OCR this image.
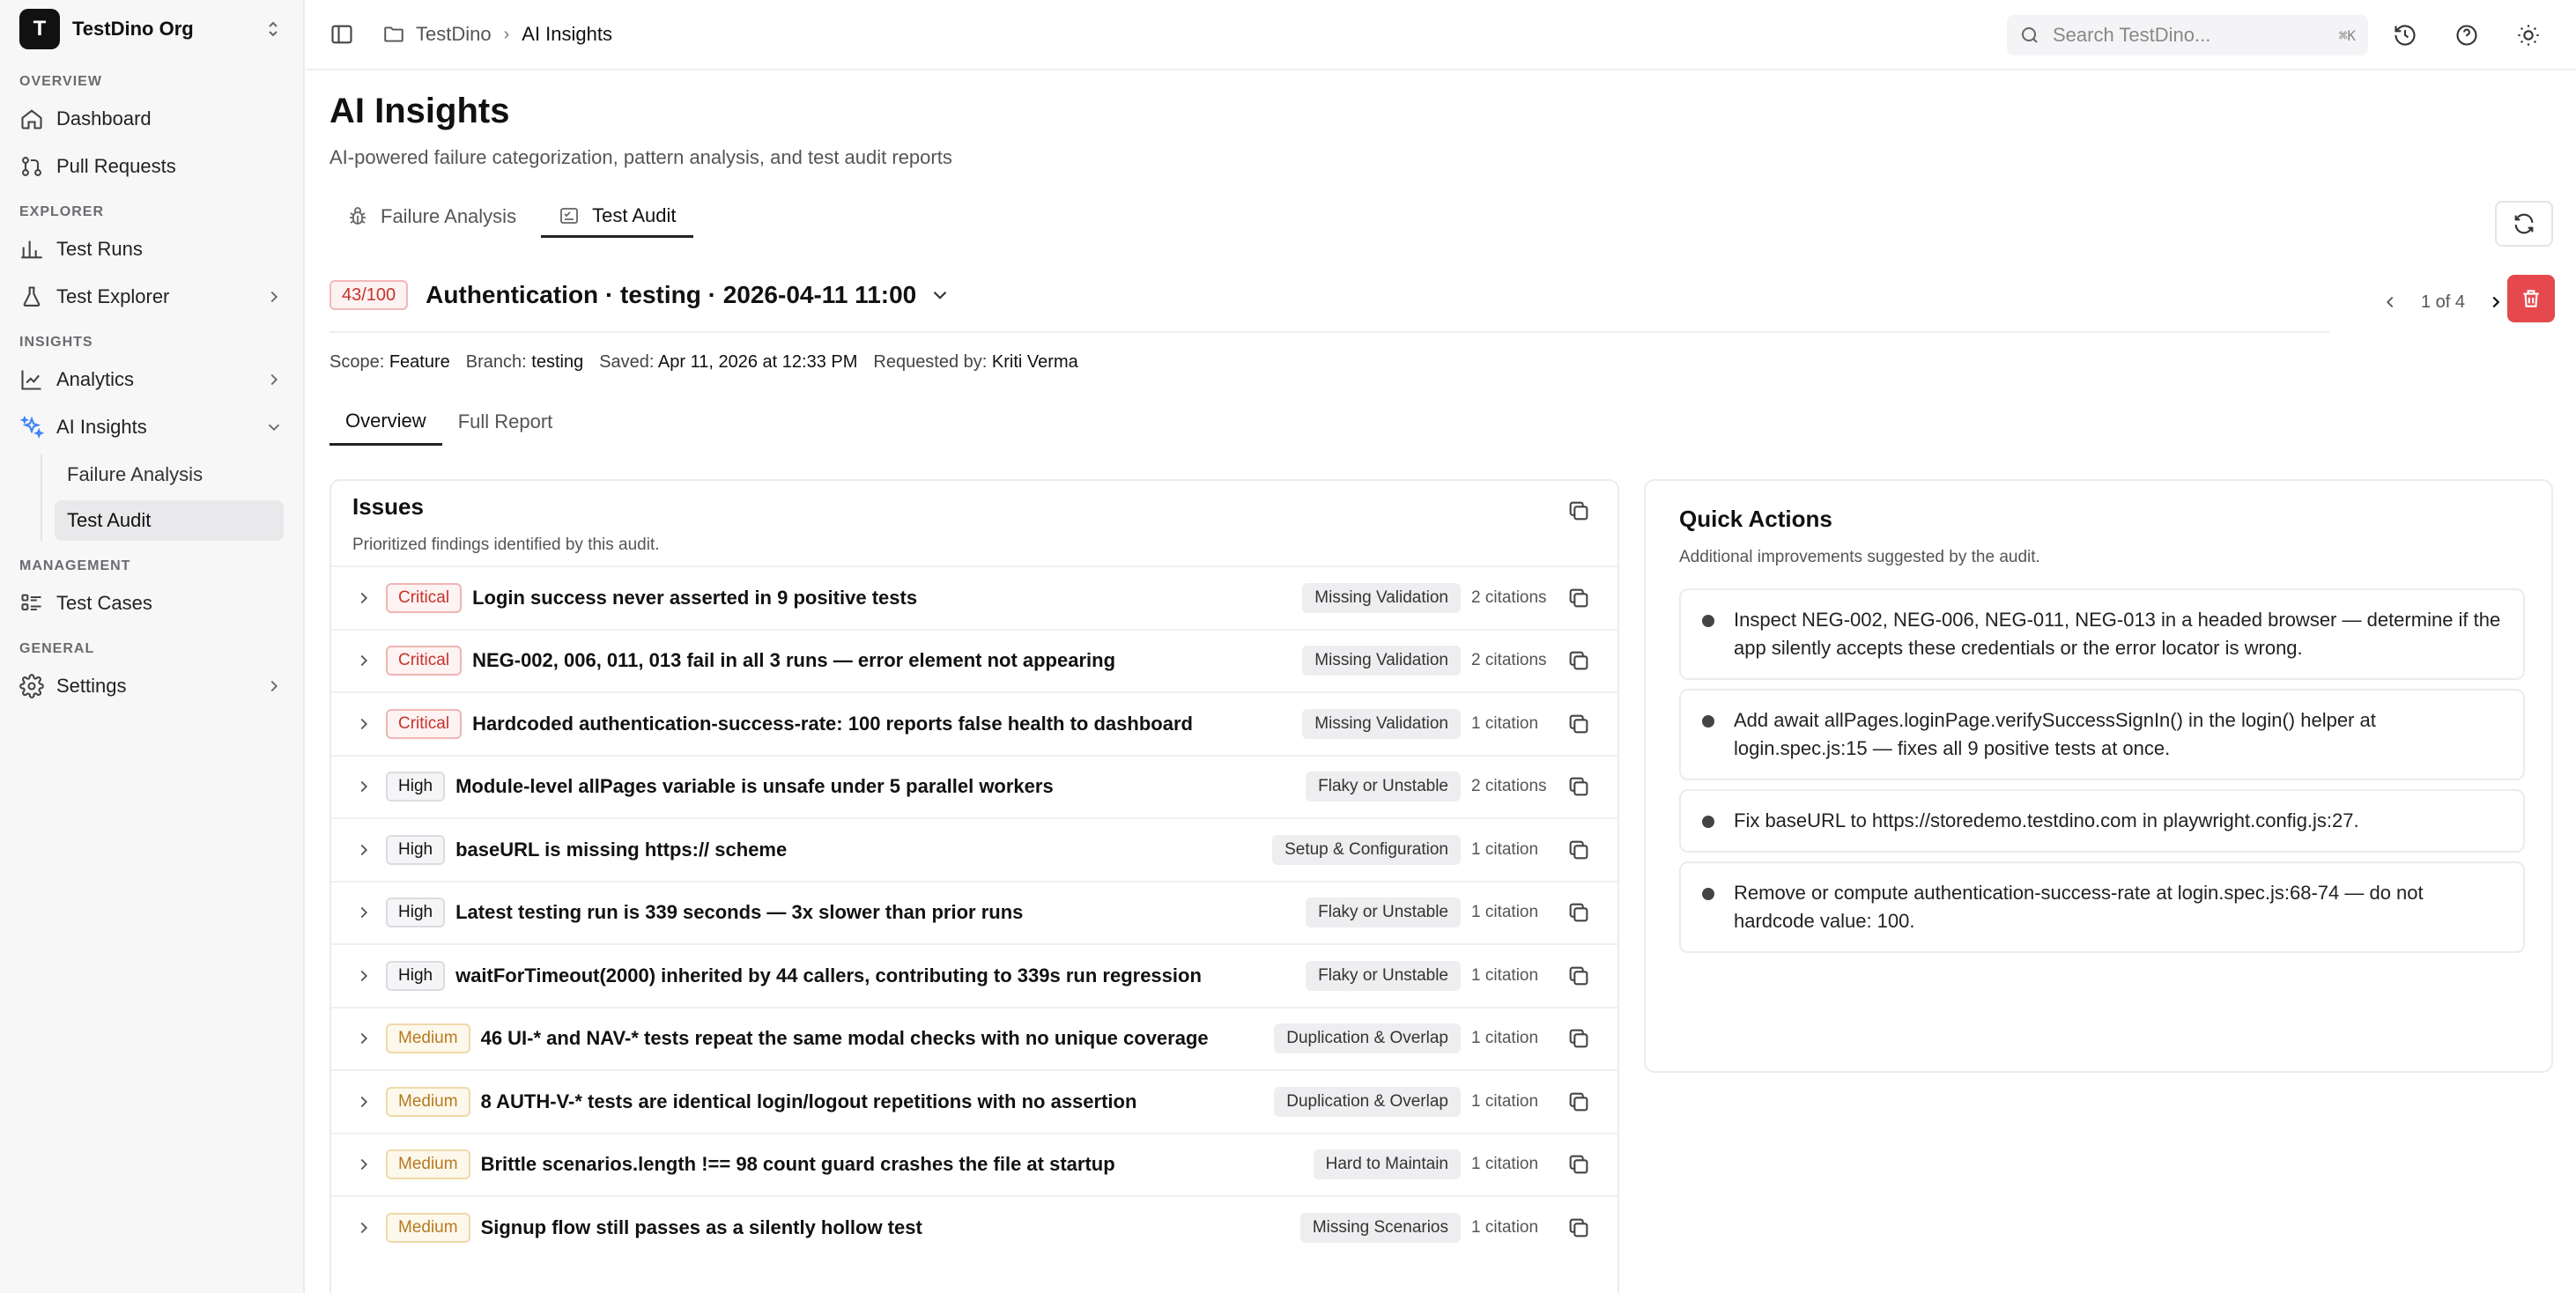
T	TestDino Org
OVERVIEW
Dashboard
Pull Requests
EXPLORER
Test Runs
Test Explorer
INSIGHTS
Analytics
AI Insights
Failure Analysis
Test Audit
MANAGEMENT
Test Cases
GENERAL
Settings
TestDino › AI Insights
Search TestDino...	⌘K
AI Insights

AI-powered failure categorization, pattern analysis, and test audit reports

Failure Analysis	Test Audit
43/100	Authentication · testing · 2026-04-11 11:00	1 of 4
Scope: Feature Branch: testing Saved: Apr 11, 2026 at 12:33 PM Requested by: Kriti Verma
Overview	Full Report
Issues

Prioritized findings identified by this audit.

Critical	Login success never asserted in 9 positive tests	Missing Validation	2 citations
Critical	NEG-002, 006, 011, 013 fail in all 3 runs — error element not appearing	Missing Validation	2 citations
Critical	Hardcoded authentication-success-rate: 100 reports false health to dashboard	Missing Validation	1 citation
High	Module-level allPages variable is unsafe under 5 parallel workers	Flaky or Unstable	2 citations
High	baseURL is missing https:// scheme	Setup & Configuration	1 citation
High	Latest testing run is 339 seconds — 3x slower than prior runs	Flaky or Unstable	1 citation
High	waitForTimeout(2000) inherited by 44 callers, contributing to 339s run regression	Flaky or Unstable	1 citation
Medium	46 UI-* and NAV-* tests repeat the same modal checks with no unique coverage	Duplication & Overlap	1 citation
Medium	8 AUTH-V-* tests are identical login/logout repetitions with no assertion	Duplication & Overlap	1 citation
Medium	Brittle scenarios.length !== 98 count guard crashes the file at startup	Hard to Maintain	1 citation
Medium	Signup flow still passes as a silently hollow test	Missing Scenarios	1 citation
Quick Actions

Additional improvements suggested by the audit.

Inspect NEG-002, NEG-006, NEG-011, NEG-013 in a headed browser — determine if the app silently accepts these credentials or the error locator is wrong.
Add await allPages.loginPage.verifySuccessSignIn() in the login() helper at login.spec.js:15 — fixes all 9 positive tests at once.
Fix baseURL to https://storedemo.testdino.com in playwright.config.js:27.
Remove or compute authentication-success-rate at login.spec.js:68-74 — do not hardcode value: 100.
